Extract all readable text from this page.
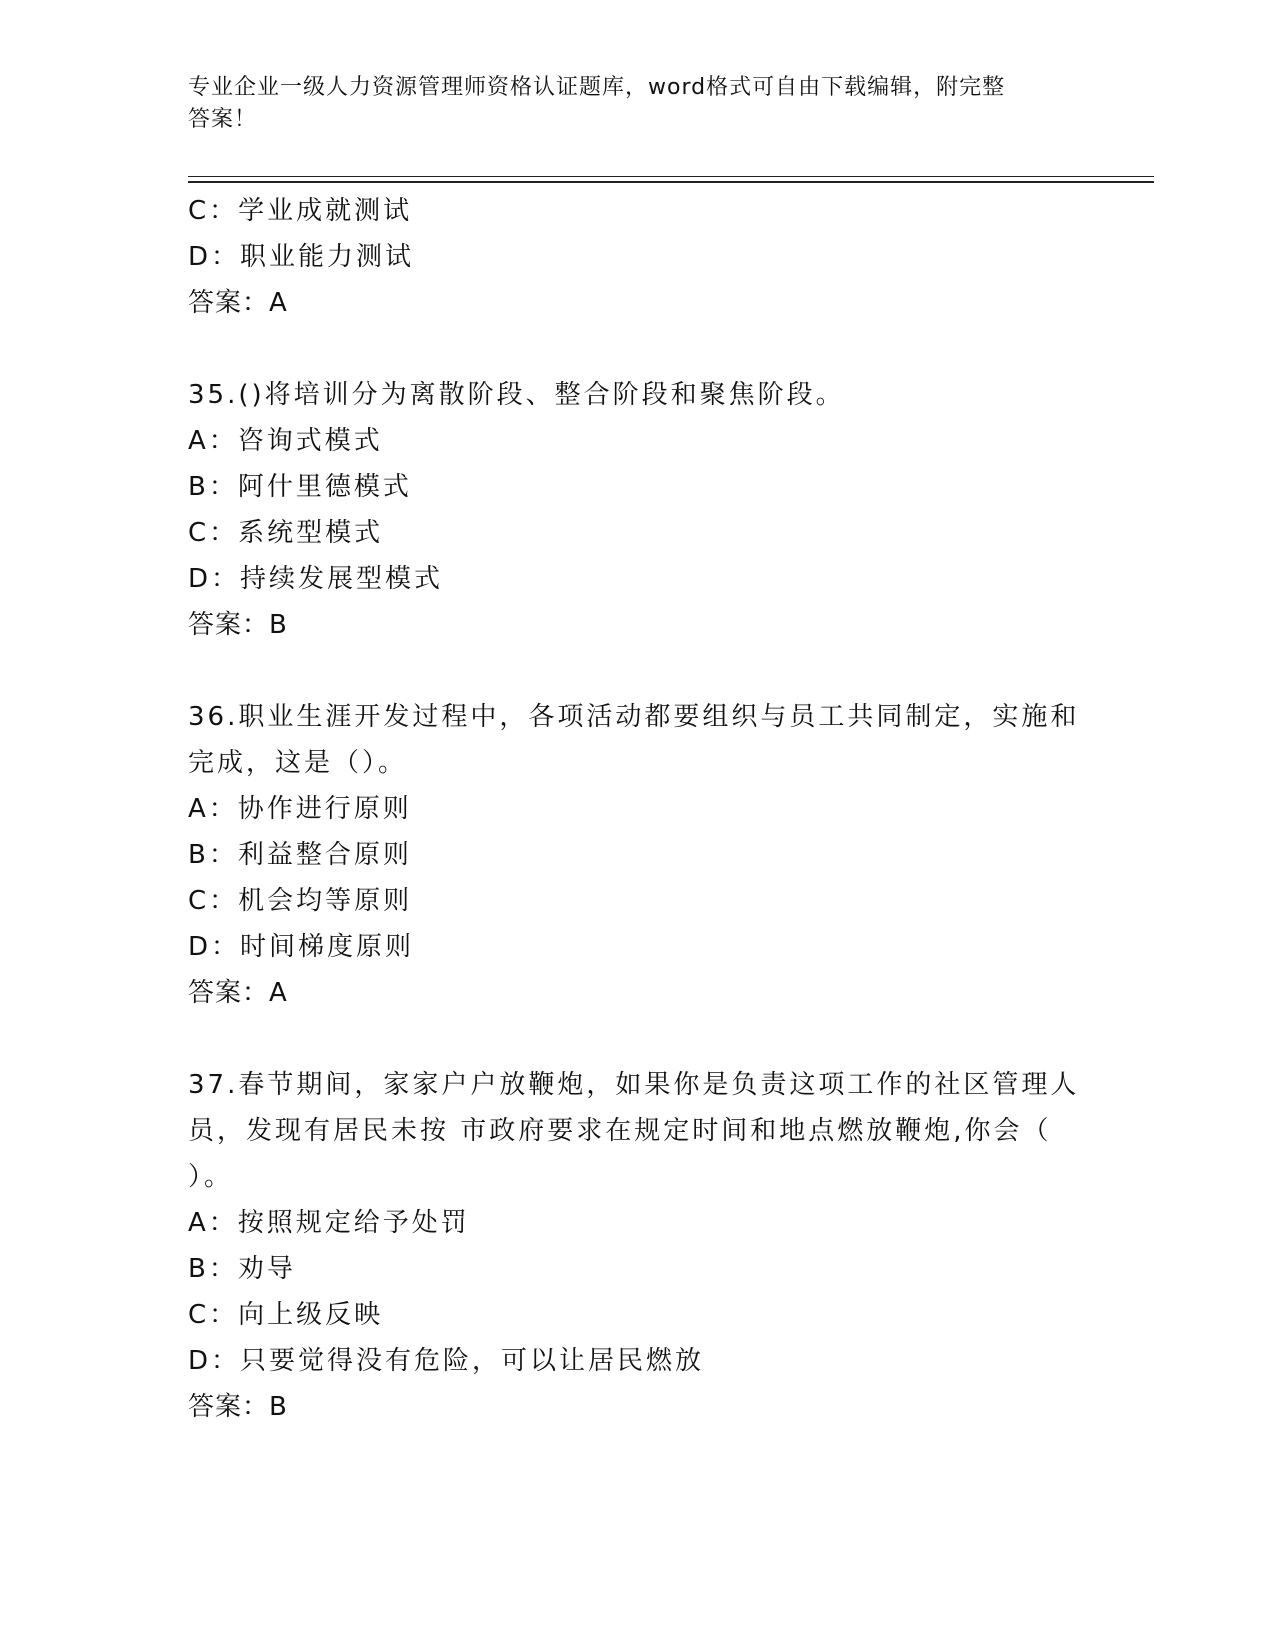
专业企业一级人力资源管理师资格认证题库，word格式可自由下载编辑，附完整
答案！
C：学业成就测试
D：职业能力测试
答案：A
35.()将培训分为离散阶段、整合阶段和聚焦阶段。
A：咨询式模式
B：阿什里德模式
C：系统型模式
D：持续发展型模式
答案：B
36.职业生涯开发过程中，各项活动都要组织与员工共同制定，实施和
完成，这是（）。
A：协作进行原则
B：利益整合原则
C：机会均等原则
D：时间梯度原则
答案：A
37.春节期间，家家户户放鞭炮，如果你是负责这项工作的社区管理人
员，发现有居民未按 市政府要求在规定时间和地点燃放鞭炮,你会（
）。
A：按照规定给予处罚
B：劝导
C：向上级反映
D：只要觉得没有危险，可以让居民燃放
答案：B
